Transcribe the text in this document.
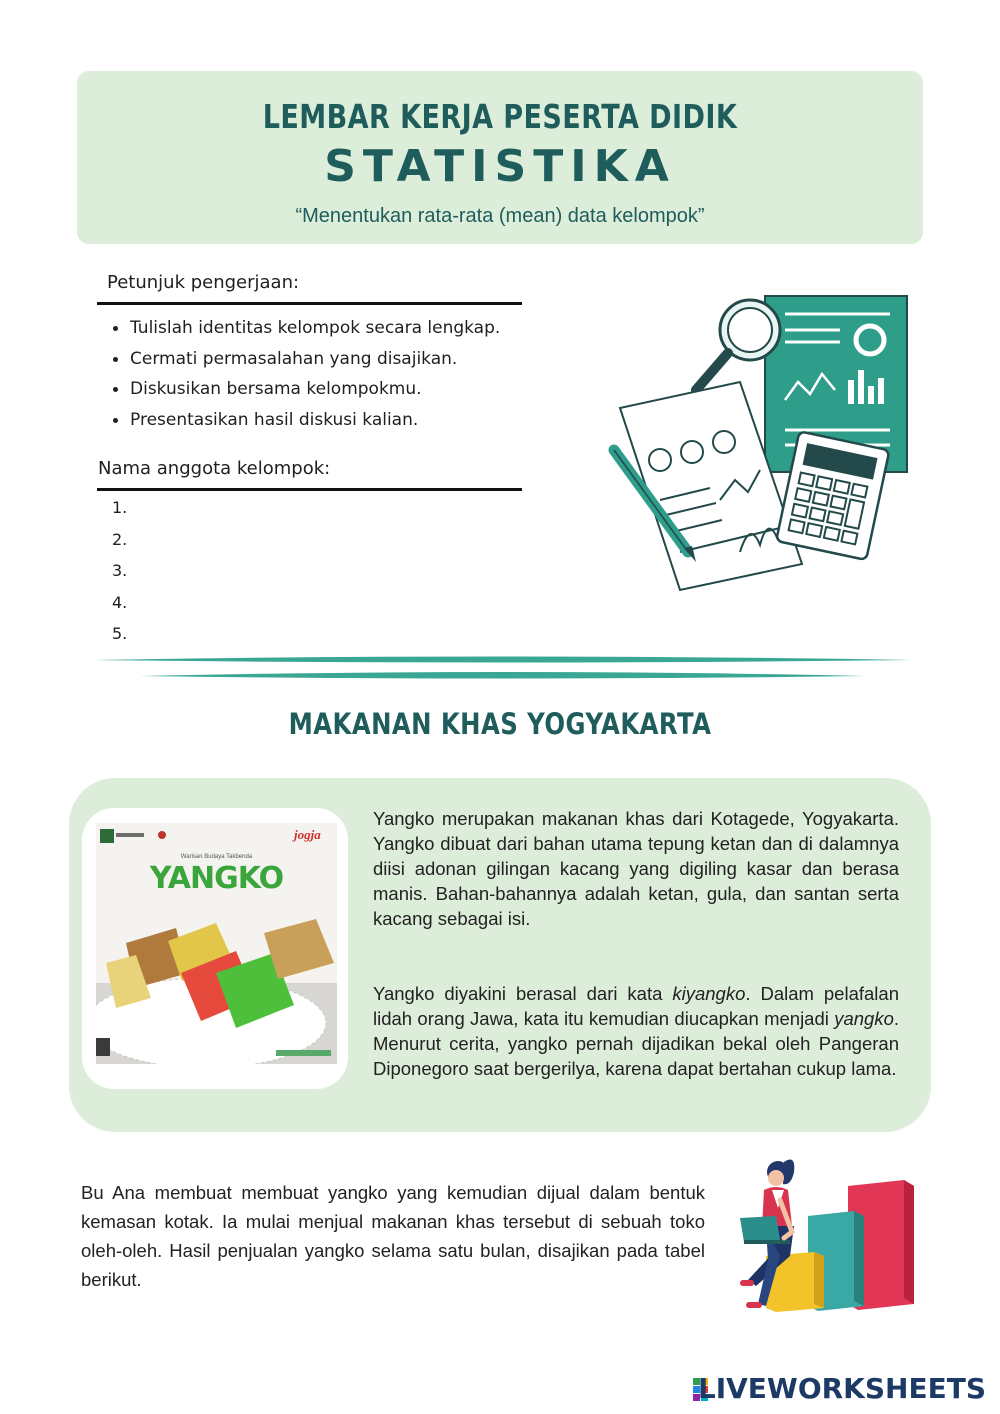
LEMBAR KERJA PESERTA DIDIK
STATISTIKA
“Menentukan rata-rata (mean) data kelompok”
Petunjuk pengerjaan:
Tulislah identitas kelompok secara lengkap.
Cermati permasalahan yang disajikan.
Diskusikan bersama kelompokmu.
Presentasikan hasil diskusi kalian.
Nama anggota kelompok:
1.
2.
3.
4.
5.
MAKANAN KHAS YOGYAKARTA
Warisan Budaya Takbenda
YANGKO
jogja

Yangko merupakan makanan khas dari Kotagede, Yogyakarta. Yangko dibuat dari bahan utama tepung ketan dan di dalamnya diisi adonan gilingan kacang yang digiling kasar dan berasa manis. Bahan-bahannya adalah ketan, gula, dan santan serta kacang sebagai isi.

Yangko diyakini berasal dari kata kiyangko. Dalam pelafalan lidah orang Jawa, kata itu kemudian diucapkan menjadi yangko. Menurut cerita, yangko pernah dijadikan bekal oleh Pangeran Diponegoro saat bergerilya, karena dapat bertahan cukup lama.

Bu Ana membuat membuat yangko yang kemudian dijual dalam bentuk kemasan kotak. Ia mulai menjual makanan khas tersebut di sebuah toko oleh-oleh. Hasil penjualan yangko selama satu bulan, disajikan pada tabel berikut.

LIVEWORKSHEETS
